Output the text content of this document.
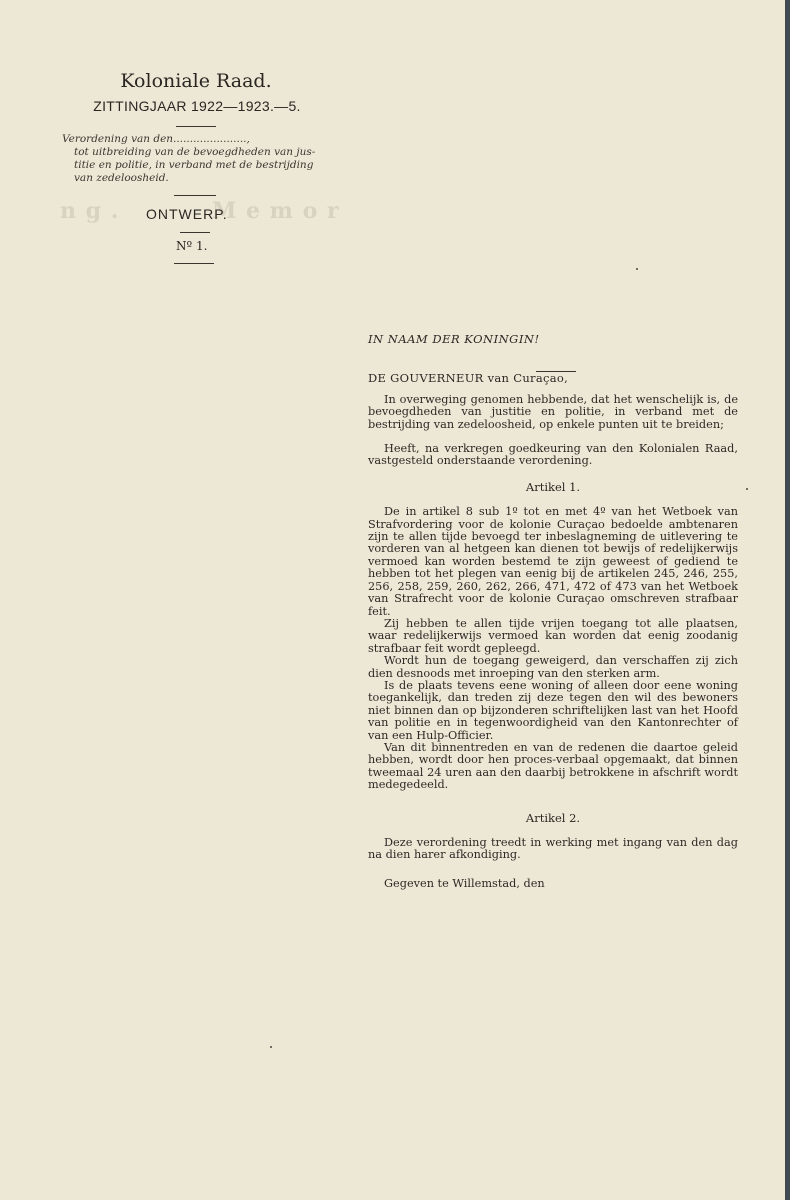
n g .	M e m o r
Koloniale Raad.
ZITTINGJAAR 1922—1923.—5.

Verordening van den......................,

tot uitbreiding van de bevoegdheden van jus-

titie en politie, in verband met de bestrijding

van zedeloosheid.

ONTWERP.
Nº 1.

IN NAAM DER KONINGIN!

DE GOUVERNEUR van Curaçao,

In overweging genomen hebbende, dat het wenschelijk is, de bevoegdheden van justitie en politie, in verband met de bestrijding van zedeloosheid, op enkele punten uit te breiden;

Heeft, na verkregen goedkeuring van den Kolonialen Raad, vastgesteld onderstaande verordening.

Artikel 1.

De in artikel 8 sub 1º tot en met 4º van het Wetboek van Strafvordering voor de kolonie Curaçao bedoelde ambtenaren zijn te allen tijde bevoegd ter inbeslagneming de uitlevering te vorderen van al hetgeen kan dienen tot bewijs of redelijkerwijs vermoed kan worden bestemd te zijn geweest of gediend te hebben tot het plegen van eenig bij de artikelen 245, 246, 255, 256, 258, 259, 260, 262, 266, 471, 472 of 473 van het Wetboek van Strafrecht voor de kolonie Curaçao omschreven strafbaar feit.

Zij hebben te allen tijde vrijen toegang tot alle plaatsen, waar redelijkerwijs vermoed kan worden dat eenig zoodanig strafbaar feit wordt gepleegd.

Wordt hun de toegang geweigerd, dan verschaffen zij zich dien desnoods met inroeping van den sterken arm.

Is de plaats tevens eene woning of alleen door eene woning toegankelijk, dan treden zij deze tegen den wil des bewoners niet binnen dan op bijzonderen schriftelijken last van het Hoofd van politie en in tegenwoordigheid van den Kantonrechter of van een Hulp-Officier.

Van dit binnentreden en van de redenen die daartoe geleid hebben, wordt door hen proces-verbaal opgemaakt, dat binnen tweemaal 24 uren aan den daarbij betrokkene in afschrift wordt medegedeeld.

Artikel 2.

Deze verordening treedt in werking met ingang van den dag na dien harer afkondiging.

Gegeven te Willemstad, den
